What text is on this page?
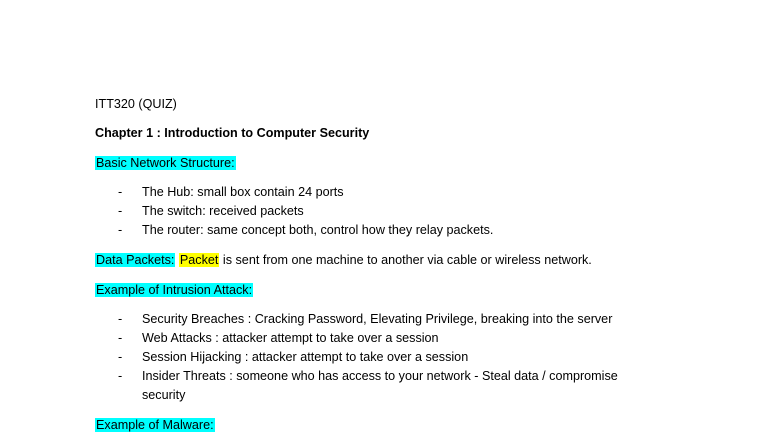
ITT320 (QUIZ)
Chapter 1 : Introduction to Computer Security
Basic Network Structure:
- The Hub: small box contain 24 ports
- The switch: received packets
- The router: same concept both, control how they relay packets.
Data Packets: Packet is sent from one machine to another via cable or wireless network.
Example of Intrusion Attack:
- Security Breaches : Cracking Password, Elevating Privilege, breaking into the server
- Web Attacks : attacker attempt to take over a session
- Session Hijacking : attacker attempt to take over a session
- Insider Threats : someone who has access to your network - Steal data / compromise
security
Example of Malware:
